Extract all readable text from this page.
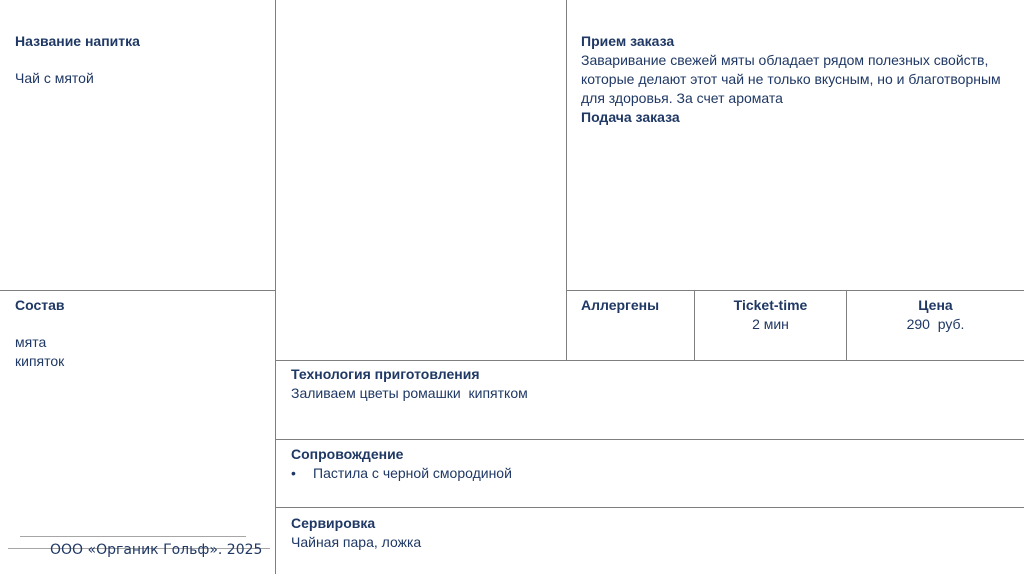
Название напитка
Чай с мятой
Прием заказа
Заваривание свежей мяты обладает рядом полезных свойств, которые делают этот чай не только вкусным, но и благотворным для здоровья. За счет аромата
Подача заказа
Состав
мята
кипяток
Аллергены	Ticket-time
2 мин
Цена
290  руб.
Технология приготовления
Заливаем цветы ромашки  кипятком
Сопровождение
•	Пастила с черной смородиной
Сервировка
Чайная пара, ложка
ООО «Органик Гольф». 2025
